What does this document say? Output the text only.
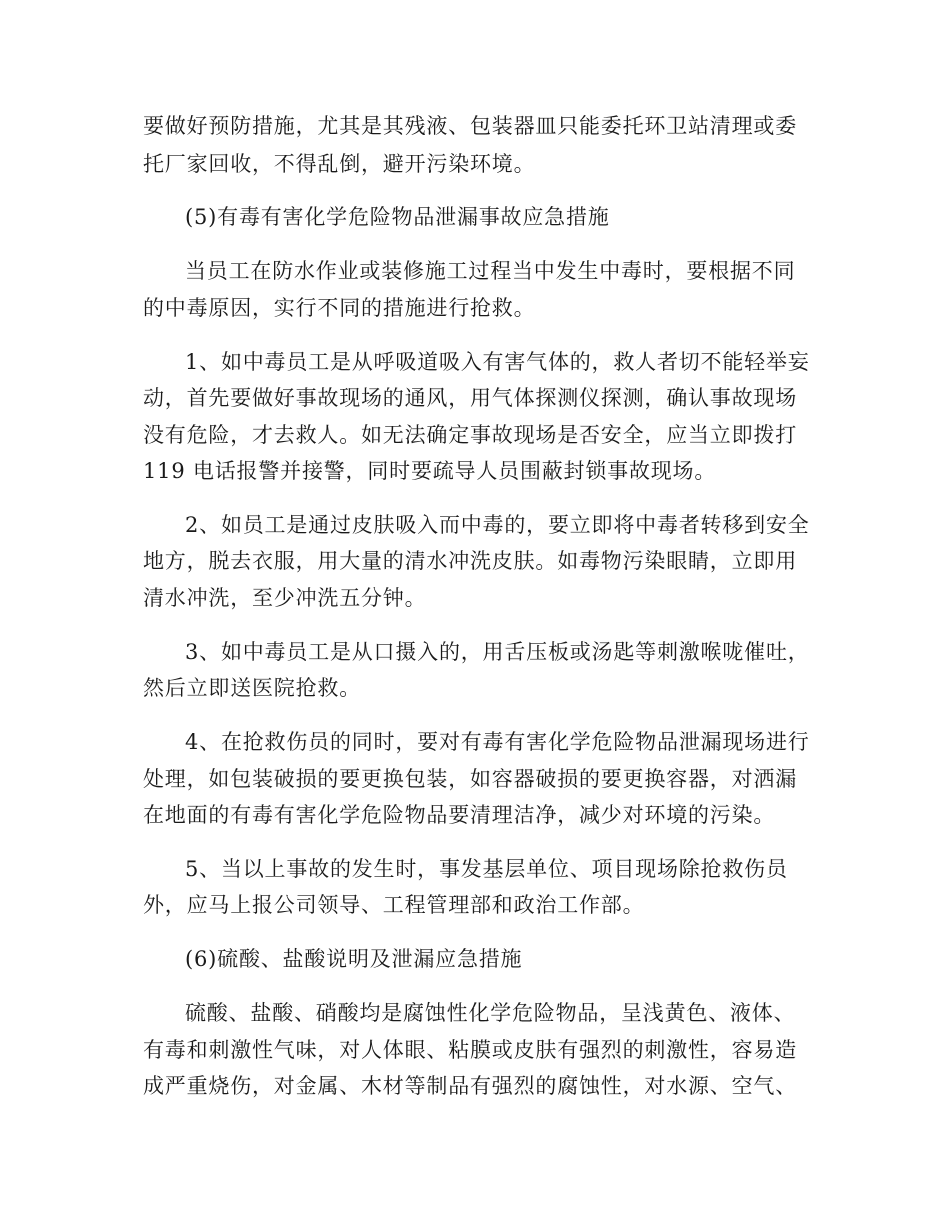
要做好预防措施，尤其是其残液、包装器皿只能委托环卫站清理或委

托厂家回收，不得乱倒，避开污染环境。

(5)有毒有害化学危险物品泄漏事故应急措施

当员工在防水作业或装修施工过程当中发生中毒时，要根据不同

的中毒原因，实行不同的措施进行抢救。

1、如中毒员工是从呼吸道吸入有害气体的，救人者切不能轻举妄

动，首先要做好事故现场的通风，用气体探测仪探测，确认事故现场

没有危险，才去救人。如无法确定事故现场是否安全，应当立即拨打

119 电话报警并接警，同时要疏导人员围蔽封锁事故现场。

2、如员工是通过皮肤吸入而中毒的，要立即将中毒者转移到安全

地方，脱去衣服，用大量的清水冲洗皮肤。如毒物污染眼睛，立即用

清水冲洗，至少冲洗五分钟。

3、如中毒员工是从口摄入的，用舌压板或汤匙等刺激喉咙催吐，

然后立即送医院抢救。

4、在抢救伤员的同时，要对有毒有害化学危险物品泄漏现场进行

处理，如包装破损的要更换包装，如容器破损的要更换容器，对洒漏

在地面的有毒有害化学危险物品要清理洁净，减少对环境的污染。

5、当以上事故的发生时，事发基层单位、项目现场除抢救伤员

外，应马上报公司领导、工程管理部和政治工作部。

(6)硫酸、盐酸说明及泄漏应急措施

硫酸、盐酸、硝酸均是腐蚀性化学危险物品，呈浅黄色、液体、

有毒和刺激性气味，对人体眼、粘膜或皮肤有强烈的刺激性，容易造

成严重烧伤，对金属、木材等制品有强烈的腐蚀性，对水源、空气、
